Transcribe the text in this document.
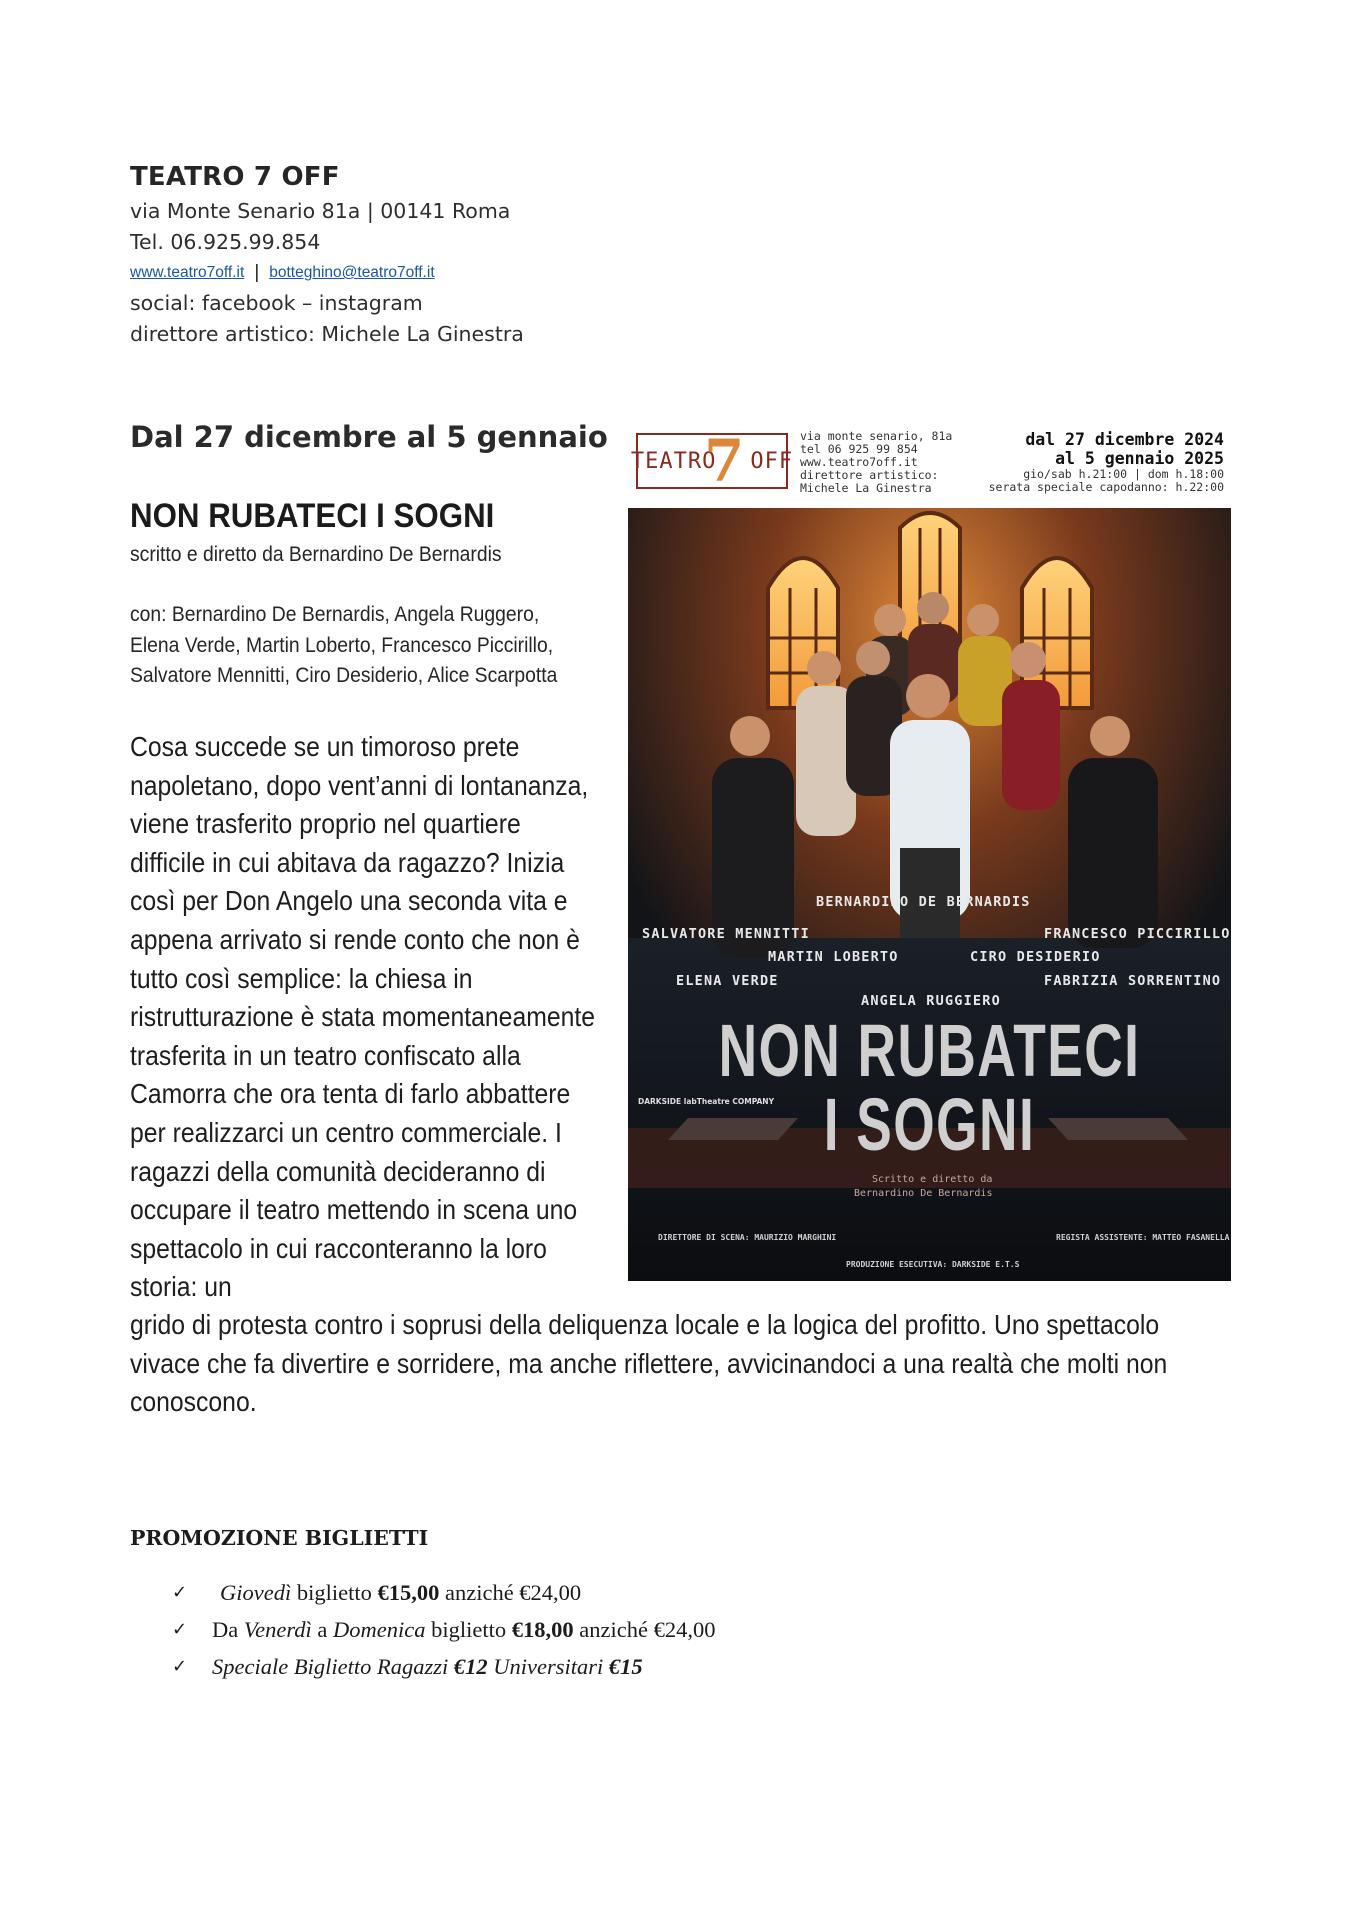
TEATRO 7 OFF
via Monte Senario 81a | 00141 Roma
Tel. 06.925.99.854
www.teatro7off.it | botteghino@teatro7off.it
social: facebook – instagram
direttore artistico: Michele La Ginestra
Dal 27 dicembre al 5 gennaio
NON RUBATECI I SOGNI
scritto e diretto da Bernardino De Bernardis
con: Bernardino De Bernardis, Angela Ruggero, Elena Verde, Martin Loberto, Francesco Piccirillo, Salvatore Mennitti, Ciro Desiderio, Alice Scarpotta
Cosa succede se un timoroso prete napoletano, dopo vent’anni di lontananza, viene trasferito proprio nel quartiere difficile in cui abitava da ragazzo? Inizia così per Don Angelo una seconda vita e appena arrivato si rende conto che non è tutto così semplice: la chiesa in ristrutturazione è stata momentaneamente trasferita in un teatro confiscato alla Camorra che ora tenta di farlo abbattere per realizzarci un centro commerciale. I ragazzi della comunità decideranno di occupare il teatro mettendo in scena uno spettacolo in cui racconteranno la loro storia: un
grido di protesta contro i soprusi della deliquenza locale e la logica del profitto. Uno spettacolo vivace che fa divertire e sorridere, ma anche riflettere, avvicinandoci a una realtà che molti non conoscono.
TEATRO
7 OFF
via monte senario, 81a
tel 06 925 99 854
www.teatro7off.it
direttore artistico:
Michele La Ginestra
dal 27 dicembre 2024
al 5 gennaio 2025
gio/sab h.21:00 | dom h.18:00
serata speciale capodanno: h.22:00
BERNARDINO DE BERNARDIS
SALVATORE MENNITTI	FRANCESCO PICCIRILLO
MARTIN LOBERTO	CIRO DESIDERIO
ELENA VERDE	FABRIZIA SORRENTINO
ANGELA RUGGIERO
NON RUBATECI
I SOGNI
DARKSIDE labTheatre COMPANY
Scritto e diretto da
Bernardino De Bernardis
DIRETTORE DI SCENA: MAURIZIO MARGHINI	REGISTA ASSISTENTE: MATTEO FASANELLA
PRODUZIONE ESECUTIVA: DARKSIDE E.T.S
PROMOZIONE BIGLIETTI
✓	Giovedì biglietto €15,00 anziché €24,00
✓	Da Venerdì a Domenica biglietto €18,00 anziché €24,00
✓	Speciale Biglietto Ragazzi €12 Universitari €15
